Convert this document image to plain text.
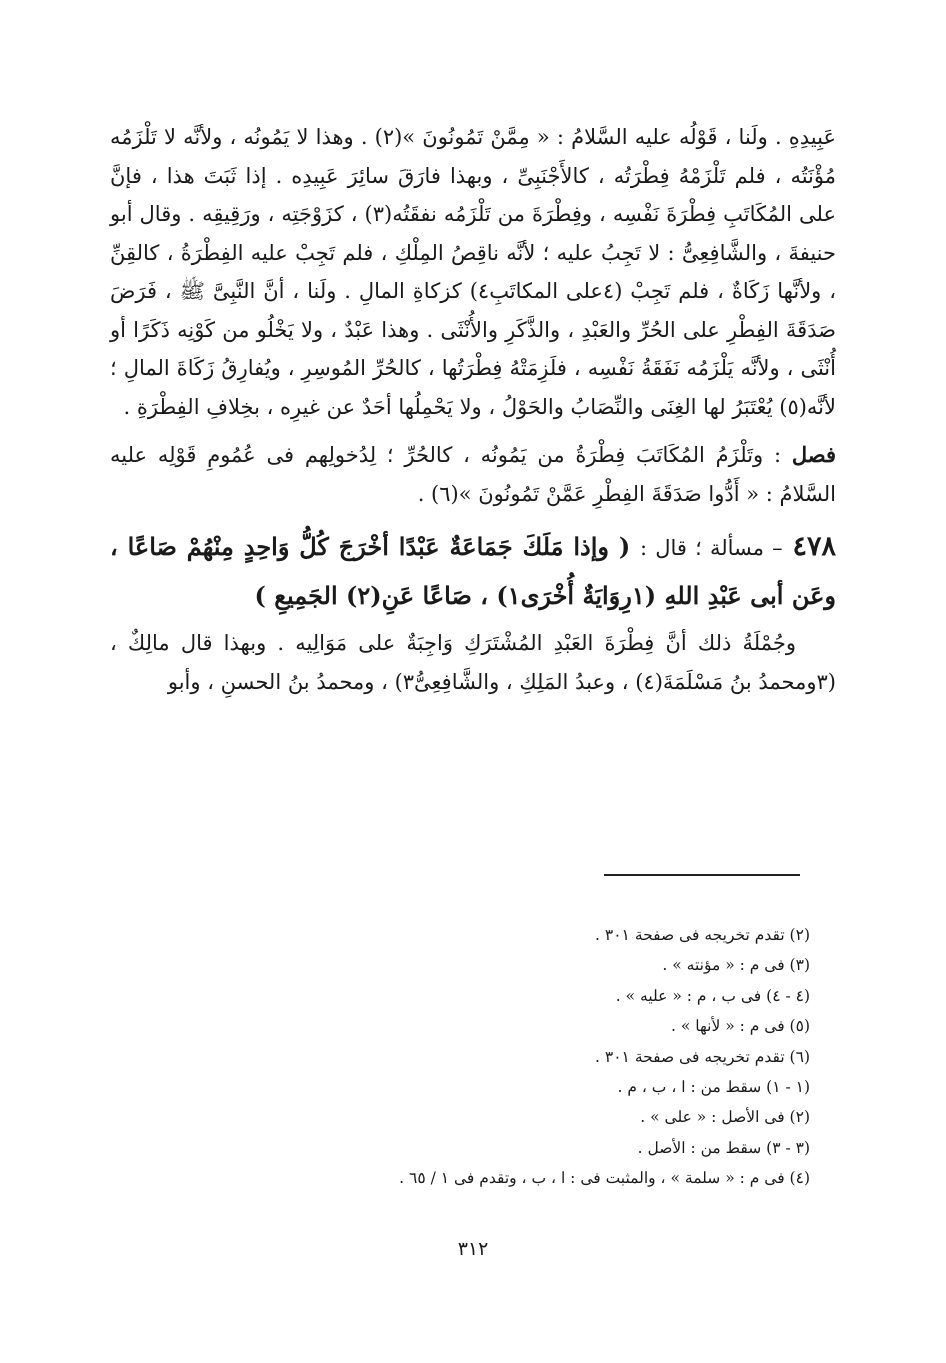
عَبِيدِهِ . ولَنا ، قَوْلُه عليه السَّلامُ : « مِمَّنْ تَمُونُونَ »(٢) . وهذا لا يَمُونُه ، ولأنَّه لا تَلْزَمُه مُؤْنَتُه ، فلم تَلْزَمْهُ فِطْرَتُه ، كالأَجْنَبِىِّ ، وبهذا فارَقَ سائِرَ عَبِيدِه . إذا ثَبَتَ هذا ، فإنَّ على المُكَاتَبِ فِطْرَةَ نَفْسِه ، وفِطْرَةَ من تَلْزَمُه نفقَتُه(٣) ، كزَوْجَتِه ، ورَقِيقِه . وقال أبو حنيفةَ ، والشَّافِعِىُّ : لا تَجِبُ عليه ؛ لأنَّه ناقِصُ المِلْكِ ، فلم تَجِبْ عليه الفِطْرَةُ ، كالقِنِّ ، ولأنَّها زَكَاةٌ ، فلم تَجِبْ (٤على المكاتَبِ٤) كزكاةِ المالِ . ولَنا ، أنَّ النَّبِىَّ ﷺ ، فَرَضَ صَدَقَةَ الفِطْرِ على الحُرِّ والعَبْدِ ، والذَّكَرِ والأُنْثَى . وهذا عَبْدٌ ، ولا يَخْلُو من كَوْنِه ذَكَرًا أو أُنْثَى ، ولأنَّه يَلْزَمُه نَفَقَةُ نَفْسِه ، فلَزِمَتْهُ فِطْرَتُها ، كالحُرِّ المُوسِرِ ، ويُفارِقُ زَكَاةَ المالِ ؛ لأنَّه(٥) يُعْتَبَرُ لها الغِنَى والنِّصَابُ والحَوْلُ ، ولا يَحْمِلُها أحَدٌ عن غيرِه ، بخِلافِ الفِطْرَةِ .

فصل : وتَلْزَمُ المُكَاتَبَ فِطْرَةُ من يَمُونُه ، كالحُرِّ ؛ لِدُخولِهم فى عُمُومِ قَوْلِه عليه السَّلامُ : « أَدُّوا صَدَقَةَ الفِطْرِ عَمَّنْ تَمُونُونَ »(٦) .

٤٧٨ – مسألة ؛ قال : ( وإذا مَلَكَ جَمَاعَةٌ عَبْدًا أخْرَجَ كُلُّ وَاحِدٍ مِنْهُمْ صَاعًا ، وعَن أبى عَبْدِ اللهِ (١رِوَايَةٌ أُخْرَى١) ، صَاعًا عَنِ(٢) الجَمِيعِ )

وجُمْلَةُ ذلك أنَّ فِطْرَةَ العَبْدِ المُشْتَرَكِ وَاجِبَةٌ على مَوَالِيه . وبهذا قال مالِكٌ ، (٣ومحمدُ بنُ مَسْلَمَةَ(٤) ، وعبدُ المَلِكِ ، والشَّافِعِىُّ٣) ، ومحمدُ بنُ الحسنِ ، وأبو

(٢) تقدم تخريجه فى صفحة ٣٠١ .
(٣) فى م : « مؤنته » .
(٤ - ٤) فى ب ، م : « عليه » .
(٥) فى م : « لأنها » .
(٦) تقدم تخريجه فى صفحة ٣٠١ .
(١ - ١) سقط من : ا ، ب ، م .
(٢) فى الأصل : « على » .
(٣ - ٣) سقط من : الأصل .
(٤) فى م : « سلمة » ، والمثبت فى : ا ، ب ، وتقدم فى ١ / ٦٥ .
٣١٢
